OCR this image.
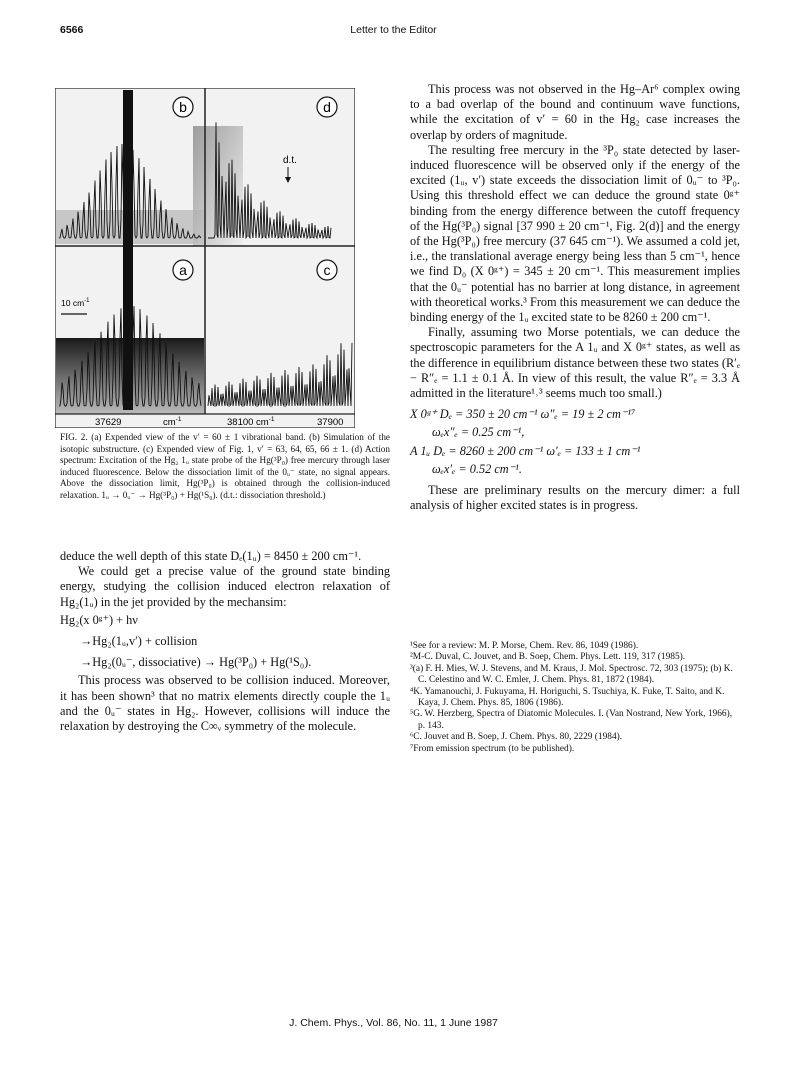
6566	Letter to the Editor
b	d
a	c
d.t.
10 $cm^{-1}$
37629	$cm^{-1}$	38100 $cm^{-1}$	37900
FIG. 2. (a) Expended view of the v′ = 60 ± 1 vibrational band. (b) Simulation of the isotopic substructure. (c) Expended view of Fig. 1, v′ = 63, 64, 65, 66 ± 1. (d) Action spectrum: Excitation of the Hg₂ 1ᵤ state probe of the Hg(³P₀) free mercury through laser induced fluorescence. Below the dissociation limit of the 0ᵤ⁻ state, no signal appears. Above the dissociation limit, Hg(³P₀) is obtained through the collision-induced relaxation. 1ᵤ → 0ᵤ⁻ → Hg(³P₀) + Hg(¹S₀). (d.t.: dissociation threshold.)

deduce the well depth of this state Dₑ(1ᵤ) = 8450 ± 200 cm⁻¹.

We could get a precise value of the ground state binding energy, studying the collision induced electron relaxation of Hg₂(1ᵤ) in the jet provided by the mechansim:

Hg₂(x 0ᵍ⁺) + hν

→Hg₂(1ᵤ,v′) + collision

→Hg₂(0ᵤ⁻, dissociative) → Hg(³P₀) + Hg(¹S₀).

This process was observed to be collision induced. Moreover, it has been shown³ that no matrix elements directly couple the 1ᵤ and the 0ᵤ⁻ states in Hg₂. However, collisions will induce the relaxation by destroying the C∞ᵥ symmetry of the molecule.

This process was not observed in the Hg–Ar⁶ complex owing to a bad overlap of the bound and continuum wave functions, while the excitation of v′ = 60 in the Hg₂ case increases the overlap by orders of magnitude.

The resulting free mercury in the ³P₀ state detected by laser-induced fluorescence will be observed only if the energy of the excited (1ᵤ, v′) state exceeds the dissociation limit of 0ᵤ⁻ to ³P₀. Using this threshold effect we can deduce the ground state 0ᵍ⁺ binding from the energy difference between the cutoff frequency of the Hg(³P₀) signal [37 990 ± 20 cm⁻¹, Fig. 2(d)] and the energy of the Hg(³P₀) free mercury (37 645 cm⁻¹). We assumed a cold jet, i.e., the translational average energy being less than 5 cm⁻¹, hence we find D₀ (X 0ᵍ⁺) = 345 ± 20 cm⁻¹. This measurement implies that the 0ᵤ⁻ potential has no barrier at long distance, in agreement with theoretical works.³ From this measurement we can deduce the binding energy of the 1ᵤ excited state to be 8260 ± 200 cm⁻¹.

Finally, assuming two Morse potentials, we can deduce the spectroscopic parameters for the A 1ᵤ and X 0ᵍ⁺ states, as well as the difference in equilibrium distance between these two states (R′ₑ − R″ₑ = 1.1 ± 0.1 Å. In view of this result, the value R″ₑ = 3.3 Å admitted in the literature¹˒³ seems much too small.)

X 0ᵍ⁺ Dₑ = 350 ± 20 cm⁻¹ ω″ₑ = 19 ± 2 cm⁻¹⁷

ωₑx″ₑ = 0.25 cm⁻¹,

A 1ᵤ Dₑ = 8260 ± 200 cm⁻¹ ω′ₑ = 133 ± 1 cm⁻¹

ωₑx′ₑ = 0.52 cm⁻¹.

These are preliminary results on the mercury dimer: a full analysis of higher excited states is in progress.

¹See for a review: M. P. Morse, Chem. Rev. 86, 1049 (1986).

²M-C. Duval, C. Jouvet, and B. Soep, Chem. Phys. Lett. 119, 317 (1985).

³(a) F. H. Mies, W. J. Stevens, and M. Kraus, J. Mol. Spectrosc. 72, 303 (1975); (b) K. C. Celestino and W. C. Emler, J. Chem. Phys. 81, 1872 (1984).

⁴K. Yamanouchi, J. Fukuyama, H. Horiguchi, S. Tsuchiya, K. Fuke, T. Saito, and K. Kaya, J. Chem. Phys. 85, 1806 (1986).

⁵G. W. Herzberg, Spectra of Diatomic Molecules. I. (Van Nostrand, New York, 1966), p. 143.

⁶C. Jouvet and B. Soep, J. Chem. Phys. 80, 2229 (1984).

⁷From emission spectrum (to be published).

J. Chem. Phys., Vol. 86, No. 11, 1 June 1987
